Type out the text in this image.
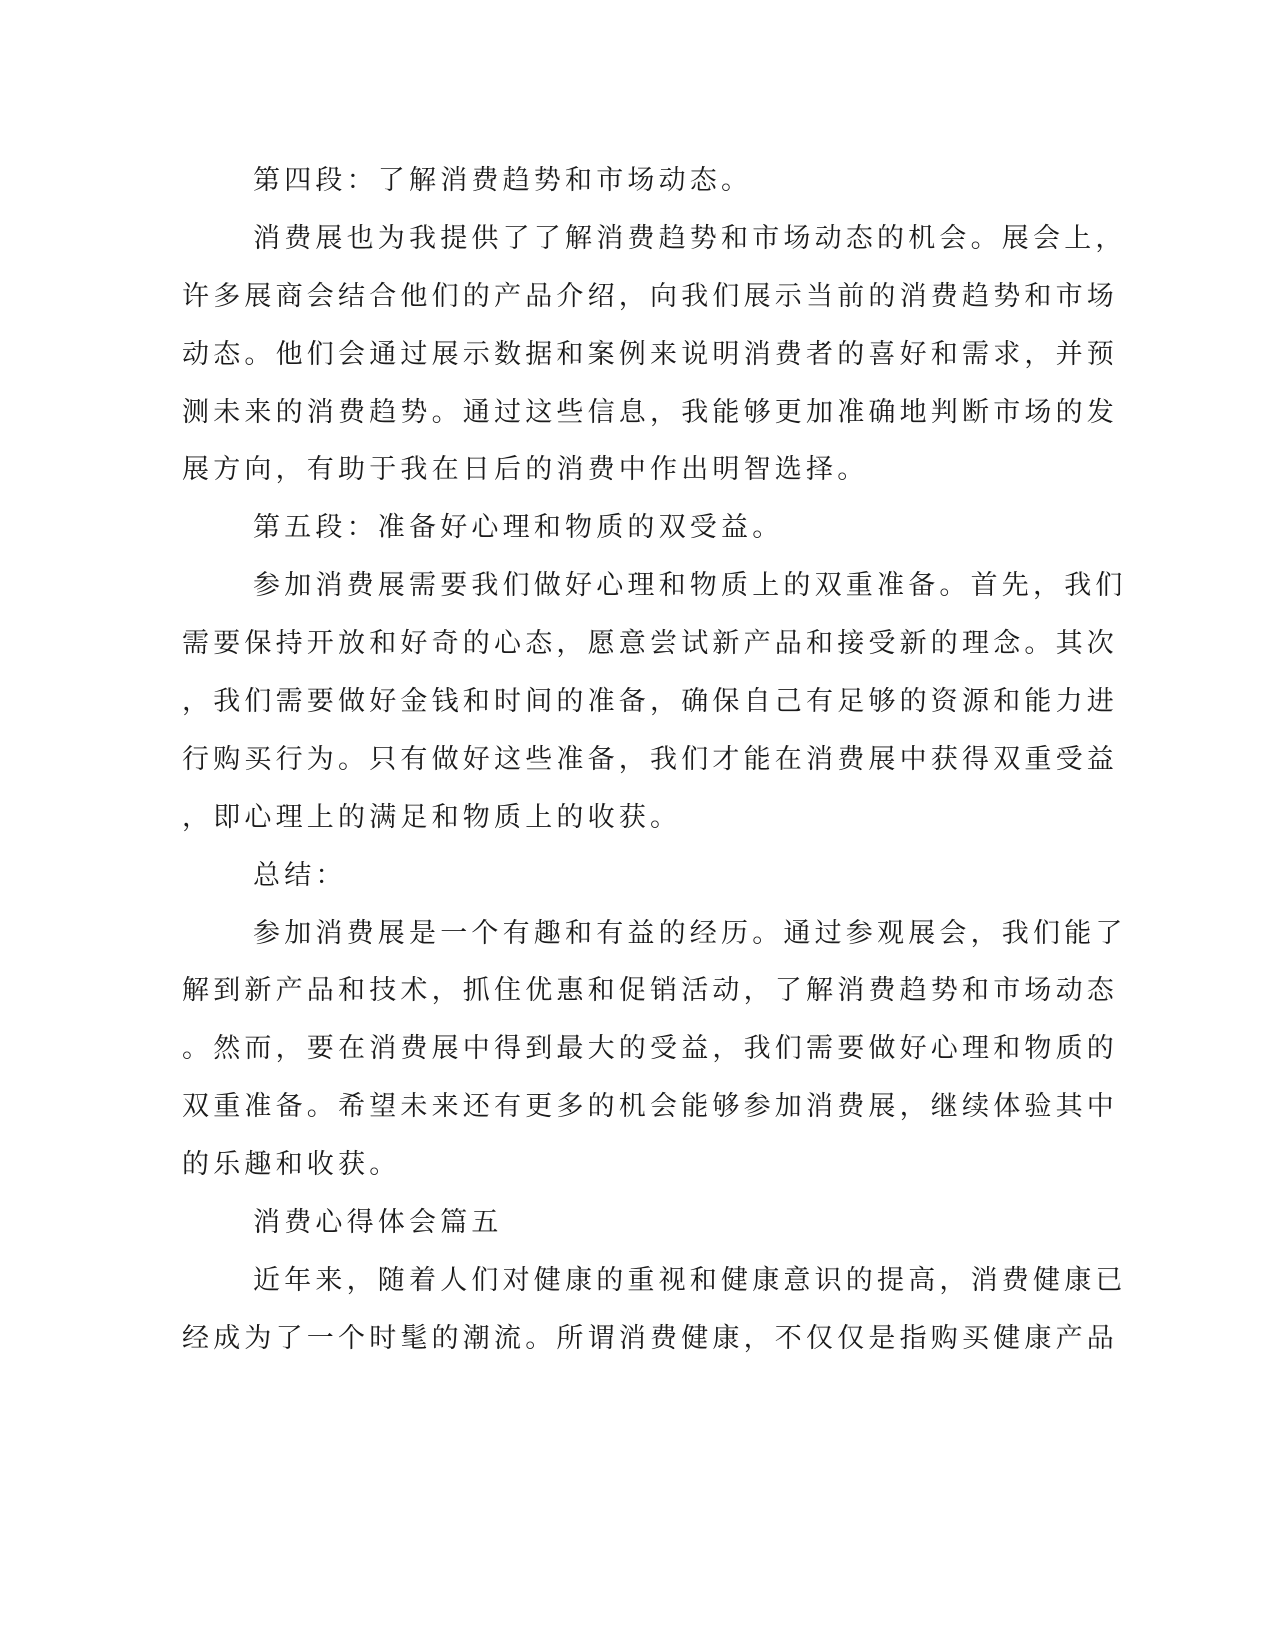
第四段：了解消费趋势和市场动态。
消费展也为我提供了了解消费趋势和市场动态的机会。展会上，
许多展商会结合他们的产品介绍，向我们展示当前的消费趋势和市场
动态。他们会通过展示数据和案例来说明消费者的喜好和需求，并预
测未来的消费趋势。通过这些信息，我能够更加准确地判断市场的发
展方向，有助于我在日后的消费中作出明智选择。
第五段：准备好心理和物质的双受益。
参加消费展需要我们做好心理和物质上的双重准备。首先，我们
需要保持开放和好奇的心态，愿意尝试新产品和接受新的理念。其次
，我们需要做好金钱和时间的准备，确保自己有足够的资源和能力进
行购买行为。只有做好这些准备，我们才能在消费展中获得双重受益
，即心理上的满足和物质上的收获。
总结：
参加消费展是一个有趣和有益的经历。通过参观展会，我们能了
解到新产品和技术，抓住优惠和促销活动，了解消费趋势和市场动态
。然而，要在消费展中得到最大的受益，我们需要做好心理和物质的
双重准备。希望未来还有更多的机会能够参加消费展，继续体验其中
的乐趣和收获。
消费心得体会篇五
近年来，随着人们对健康的重视和健康意识的提高，消费健康已
经成为了一个时髦的潮流。所谓消费健康，不仅仅是指购买健康产品
